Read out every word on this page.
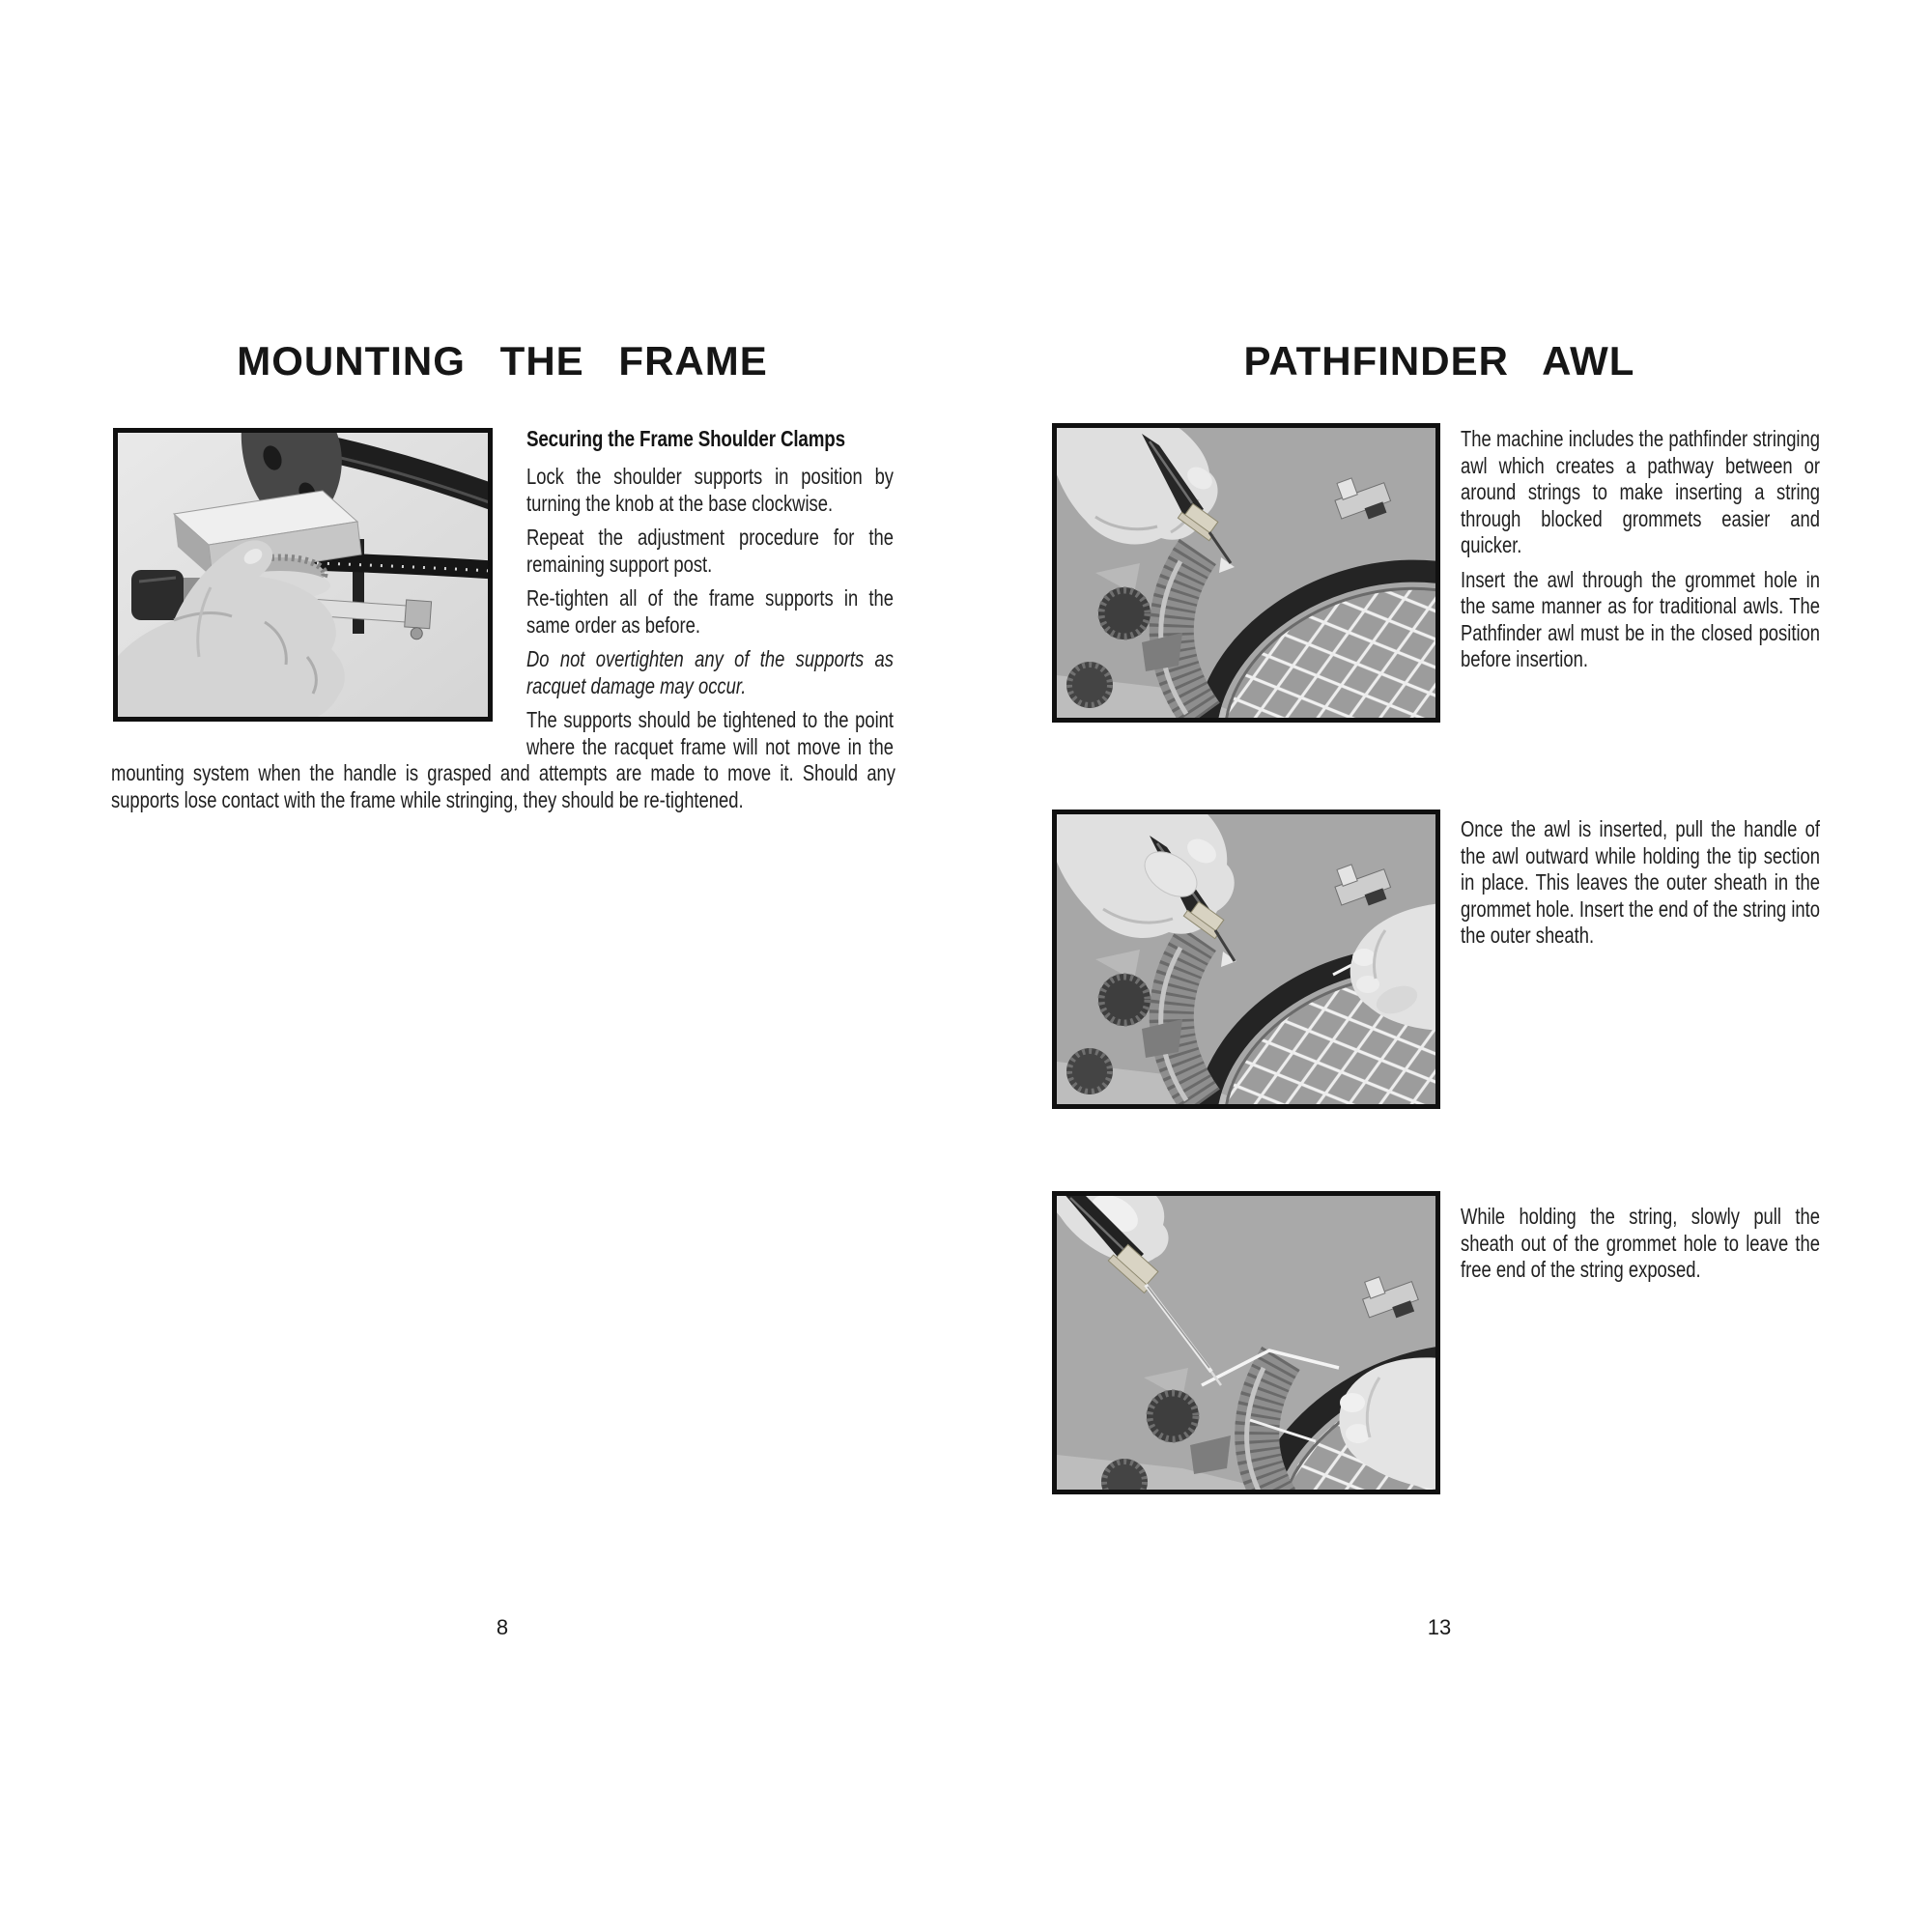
MOUNTING THE FRAME
Securing the Frame Shoulder Clamps

Lock the shoulder supports in position by turning the knob at the base clockwise.

Repeat the adjustment procedure for the remaining support post.

Re-tighten all of the frame supports in the same order as before.

Do not overtighten any of the supports as racquet damage may occur.

The supports should be tightened to the point where the racquet frame will not move in the

mounting system when the handle is grasped and attempts are made to move it. Should any supports lose contact with the frame while stringing, they should be re-tightened.

8
PATHFINDER AWL

The machine includes the pathfinder stringing awl which creates a pathway between or around strings to make inserting a string through blocked grommets easier and quicker.

Insert the awl through the grommet hole in the same manner as for traditional awls. The Pathfinder awl must be in the closed position before insertion.

Once the awl is inserted, pull the handle of the awl outward while holding the tip section in place. This leaves the outer sheath in the grommet hole. Insert the end of the string into the outer sheath.

While holding the string, slowly pull the sheath out of the grommet hole to leave the free end of the string exposed.

13
